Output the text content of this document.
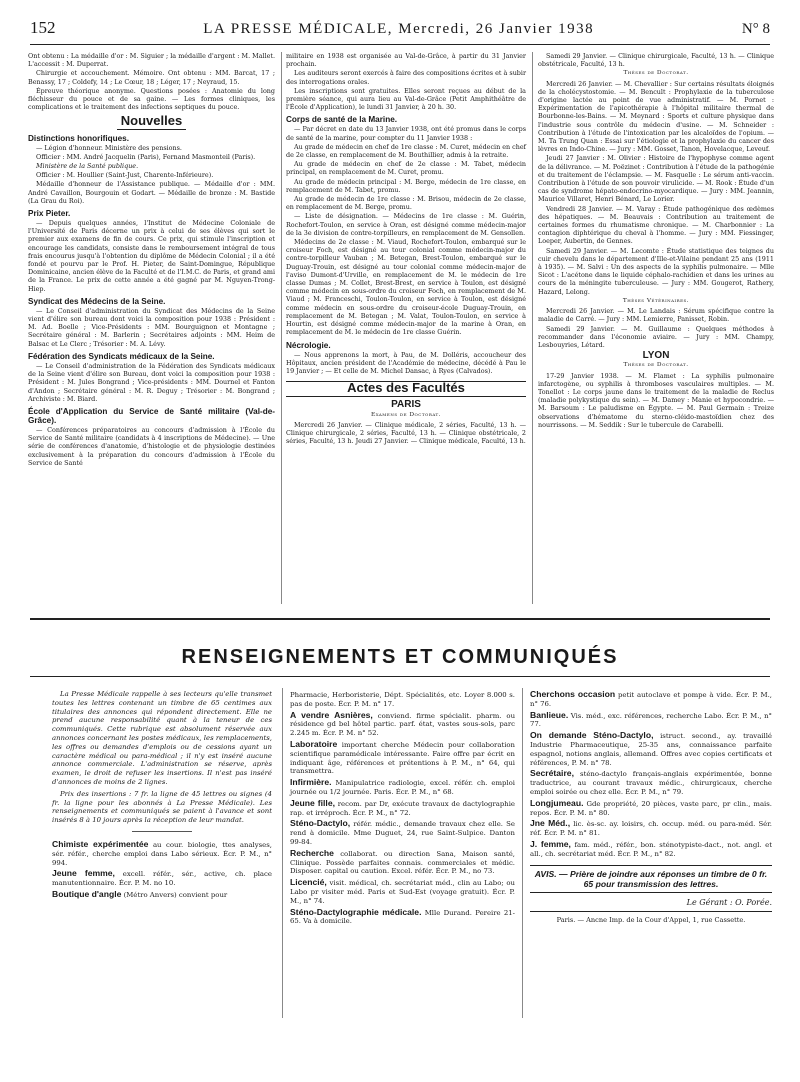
152	LA PRESSE MÉDICALE, Mercredi, 26 Janvier 1938	N° 8

Ont obtenu : La médaille d'or : M. Siguier ; la médaille d'argent : M. Mallet. L'accessit : M. Duperrat.

Chirurgie et accouchement. Mémoire. Ont obtenu : MM. Barcat, 17 ; Benassy, 17 ; Coldefy, 14 ; Le Cœur, 18 ; Léger, 17 ; Neyraud, 15.

Épreuve théorique anonyme. Questions posées : Anatomie du long fléchisseur du pouce et de sa gaine. — Les formes cliniques, les complications et le traitement des infections septiques du pouce.

Nouvelles
Distinctions honorifiques.

— Légion d'honneur. Ministère des pensions.

Officier : MM. André Jacquelin (Paris), Fernand Masmonteil (Paris).

Ministère de la Santé publique.

Officier : M. Houllier (Saint-Just, Charente-Inférieure).

Médaille d'honneur de l'Assistance publique. — Médaille d'or : MM. André Cavaillon, Bourgouin et Godart. — Médaille de bronze : M. Bastide (La Grau du Roi).

Prix Pieter.

— Depuis quelques années, l'Institut de Médecine Coloniale de l'Université de Paris décerne un prix à celui de ses élèves qui sort le premier aux examens de fin de cours. Ce prix, qui stimule l'inscription et encourage les candidats, consiste dans le remboursement intégral de tous frais encourus jusqu'à l'obtention du diplôme de Médecin Colonial ; il a été fondé et pourvu par le Prof. H. Pieter, de Saint-Domingue, République Dominicaine, ancien élève de la Faculté et de l'I.M.C. de Paris, et grand ami de la France. Le prix de cette année a été gagné par M. Nguyen-Trong-Hiep.

Syndicat des Médecins de la Seine.

— Le Conseil d'administration du Syndicat des Médecins de la Seine vient d'élire son bureau dont voici la composition pour 1938 : Président : M. Ad. Boelle ; Vice-Présidents : MM. Bourguignon et Montagne ; Secrétaire général : M. Barlerin ; Secrétaires adjoints : MM. Heim de Balsac et Le Clerc ; Trésorier : M. A. Lévy.

Fédération des Syndicats médicaux de la Seine.

— Le Conseil d'administration de la Fédération des Syndicats médicaux de la Seine vient d'élire son Bureau, dont voici la composition pour 1938 : Président : M. Jules Bongrand ; Vice-présidents : MM. Dournel et Fanton d'Andon ; Secrétaire général : M. R. Deguy ; Trésorier : M. Bongrand ; Archiviste : M. Biard.

École d'Application du Service de Santé militaire (Val-de-Grâce).

— Conférences préparatoires au concours d'admission à l'École du Service de Santé militaire (candidats à 4 inscriptions de Médecine). — Une série de conférences d'anatomie, d'histologie et de physiologie destinées exclusivement à la préparation du concours d'admission à l'École du Service de Santé

militaire en 1938 est organisée au Val-de-Grâce, à partir du 31 Janvier prochain.

Les auditeurs seront exercés à faire des compositions écrites et à subir des interrogations orales.

Les inscriptions sont gratuites. Elles seront reçues au début de la première séance, qui aura lieu au Val-de-Grâce (Petit Amphithéâtre de l'École d'Application), le lundi 31 Janvier, à 20 h. 30.

Corps de santé de la Marine.

— Par décret en date du 13 Janvier 1938, ont été promus dans le corps de santé de la marine, pour compter du 11 Janvier 1938 :

Au grade de médecin en chef de 1re classe : M. Curet, médecin en chef de 2e classe, en remplacement de M. Bouthillier, admis à la retraite.

Au grade de médecin en chef de 2e classe : M. Tabet, médecin principal, en remplacement de M. Curet, promu.

Au grade de médecin principal : M. Berge, médecin de 1re classe, en remplacement de M. Tabet, promu.

Au grade de médecin de 1re classe : M. Brisou, médecin de 2e classe, en remplacement de M. Berge, promu.

— Liste de désignation. — Médecins de 1re classe : M. Guérin, Rochefort-Toulon, en service à Oran, est désigné comme médecin-major de la 3e division de contre-torpilleurs, en remplacement de M. Gensollen.

Médecins de 2e classe : M. Viaud, Rochefort-Toulon, embarqué sur le croiseur Foch, est désigné au tour colonial comme médecin-major du contre-torpilleur Vauban ; M. Betegan, Brest-Toulon, embarqué sur le Duguay-Trouin, est désigné au tour colonial comme médecin-major de l'aviso Dumont-d'Urville, en remplacement de M. le médecin de 1re classe Dumas ; M. Collet, Brest-Brest, en service à Toulon, est désigné comme médecin en sous-ordre du croiseur Foch, en remplacement de M. Viaud ; M. Franceschi, Toulon-Toulon, en service à Toulon, est désigné comme médecin en sous-ordre du croiseur-école Duguay-Trouin, en remplacement de M. Betegan ; M. Valat, Toulon-Toulon, en service à Hourtin, est désigné comme médecin-major de la marine à Oran, en remplacement de M. le médecin de 1re classe Guérin.

Nécrologie.

— Nous apprenons la mort, à Pau, de M. Dolléris, accoucheur des Hôpitaux, ancien président de l'Académie de médecine, décédé à Pau le 19 Janvier ; — Et celle de M. Michel Dansac, à Ryes (Calvados).

Actes des Facultés
PARIS
Examens de Doctorat.

Mercredi 26 Janvier. — Clinique médicale, 2 séries, Faculté, 13 h. — Clinique chirurgicale, 2 séries, Faculté, 13 h. — Clinique obstétricale, 2 séries, Faculté, 13 h. Jeudi 27 Janvier. — Clinique médicale, Faculté, 13 h.

Samedi 29 Janvier. — Clinique chirurgicale, Faculté, 13 h. — Clinique obstétricale, Faculté, 13 h.

Thèses de Doctorat.

Mercredi 26 Janvier. — M. Chevallier : Sur certains résultats éloignés de la cholécystostomie. — M. Bencult : Prophylaxie de la tuberculose d'origine lactée au point de vue administratif. — M. Pornet : Expérimentation de l'apicothérapie à l'hôpital militaire thermal de Bourbonne-les-Bains. — M. Meynard : Sports et culture physique dans l'industrie sous contrôle du médecin d'usine. — M. Schneider : Contribution à l'étude de l'intoxication par les alcaloïdes de l'opium. — M. Ta Trung Quan : Essai sur l'étiologie et la prophylaxie du cancer des lèvres en Indo-Chine. — Jury : MM. Gosset, Tanon, Hovelacque, Leveuf.

Jeudi 27 Janvier : M. Olivier : Histoire de l'hypophyse comme agent de la délivrance. — M. Poëzinet : Contribution à l'étude de la pathogénie et du traitement de l'éclampsie. — M. Fasquelle : Le sérum anti-vaccin. Contribution à l'étude de son pouvoir virulicide. — M. Rook : Étude d'un cas de syndrome hépato-endocrino-myocardique. — Jury : MM. Jeannin, Maurice Villaret, Henri Bénard, Le Lorier.

Vendredi 28 Janvier. — M. Varay : Étude pathogénique des œdèmes des hépatiques. — M. Beauvais : Contribution au traitement de certaines formes du rhumatisme chronique. — M. Charbonnier : La contagion diphtérique du cheval à l'homme. — Jury : MM. Fiessinger, Loeper, Aubertin, de Gennes.

Samedi 29 Janvier. — M. Lecomte : Étude statistique des teignes du cuir chevelu dans le département d'Ille-et-Vilaine pendant 25 ans (1911 à 1935). — M. Salvi : Un des aspects de la syphilis pulmonaire. — Mlle Sicot : L'acétone dans le liquide céphalo-rachidien et dans les urines au cours de la méningite tuberculeuse. — Jury : MM. Gougerot, Rathery, Hazard, Lelong.

Thèses Vétérinaires.

Mercredi 26 Janvier. — M. Le Landais : Sérum spécifique contre la maladie de Carré. — Jury : MM. Lemierre, Panisset, Robin.

Samedi 29 Janvier. — M. Guillaume : Quelques méthodes à recommander dans l'économie aviaire. — Jury : MM. Champy, Lesbouyries, Létard.

LYON
Thèses de Doctorat.

17-29 Janvier 1938. — M. Flamet : La syphilis pulmonaire infarctogène, ou syphilis à thromboses vasculaires multiples. — M. Tonellot : Le corps jaune dans le traitement de la maladie de Reclus (maladie polykystique du sein). — M. Damey : Manie et hypocondrie. — M. Barsoum : Le paludisme en Égypte. — M. Paul Germain : Treize observations d'hématome du sterno-cléido-mastoïdien chez des nourrissons. — M. Seddik : Sur le tubercule de Carabelli.

RENSEIGNEMENTS ET COMMUNIQUÉS

La Presse Médicale rappelle à ses lecteurs qu'elle transmet toutes les lettres contenant un timbre de 65 centimes aux titulaires des annonces qui répondent directement. Elle ne prend aucune responsabilité quant à la teneur de ces communiqués. Cette rubrique est absolument réservée aux annonces concernant les postes médicaux, les remplacements, les offres ou demandes d'emplois ou de cessions ayant un caractère médical ou para-médical ; il n'y est inséré aucune annonce commerciale. L'administration se réserve, après examen, le droit de refuser les insertions. Il n'est pas inséré d'annonces de moins de 2 lignes.

Prix des insertions : 7 fr. la ligne de 45 lettres ou signes (4 fr. la ligne pour les abonnés à La Presse Médicale). Les renseignements et communiqués se paient à l'avance et sont insérés 8 à 10 jours après la réception de leur mandat.

Chimiste expérimentée au cour. biologie, ttes analyses, sér. référ., cherche emploi dans Labo sérieux. Écr. P. M., n° 994.

Jeune femme, excell. référ., sér., active, ch. place manutentionnaire. Écr. P. M. no 10.

Boutique d'angle (Métro Anvers) convient pour

Pharmacie, Herboristerie, Dépt. Spécialités, etc. Loyer 8.000 s. pas de poste. Écr. P. M. n° 17.

A vendre Asnières, conviend. firme spécialit. pharm. ou résidence gd bel hôtel partic. parf. état, vastes sous-sols, parc 2.245 m. Écr. P. M. n° 52.

Laboratoire important cherche Médecin pour collaboration scientifique paramédicale intéressante. Faire offre par écrit en indiquant âge, références et prétentions à P. M., n° 64, qui transmettra.

Infirmière. Manipulatrice radiologie, excel. référ. ch. emploi journée ou 1/2 journée. Paris. Écr. P. M., n° 68.

Jeune fille, recom. par Dr, exécute travaux de dactylographie rap. et irréproch. Écr. P. M., n° 72.

Sténo-Dactylo, référ. médic., demande travaux chez elle. Se rend à domicile. Mme Duguet, 24, rue Saint-Sulpice. Danton 99-84.

Recherche collaborat. ou direction Sana, Maison santé, Clinique. Possède parfaites connais. commerciales et médic. Disposer. capital ou caution. Excel. référ. Écr. P. M., no 73.

Licencié, visit. médical, ch. secrétariat méd., clin au Labo; ou Labo pr visiter méd. Paris et Sud-Est (voyage gratuit). Écr. P. M., n° 74.

Sténo-Dactylographie médicale. Mlle Durand. Pereire 21-65. Va à domicile.

Cherchons occasion petit autoclave et pompe à vide. Écr. P. M., n° 76.

Banlieue. Vis. méd., exc. références, recherche Labo. Écr. P. M., n° 77.

On demande Sténo-Dactylo, istruct. second., ay. travaillé Industrie Pharmaceutique, 25-35 ans, connaissance parfaite espagnol, notions anglais, allemand. Offres avec copies certificats et références, P. M. n° 78.

Secrétaire, sténo-dactylo français-anglais expérimentée, bonne traductrice, au courant travaux médic., chirurgicaux, cherche emploi soirée ou chez elle. Écr. P. M., n° 79.

Longjumeau. Gde propriété, 20 pièces, vaste parc, pr clin., mais. repos. Écr. P. M. n° 80.

Jne Méd., lic. ès-sc. ay. loisirs, ch. occup. méd. ou para-méd. Sér. réf. Écr. P. M. n° 81.

J. femme, fam. méd., référ., bon. sténotypiste-dact., not. angl. et all., ch. secrétariat méd. Écr. P. M., n° 82.

AVIS. — Prière de joindre aux réponses un timbre de 0 fr. 65 pour transmission des lettres.
Le Gérant : O. Porée.
Paris. — Ancne Imp. de la Cour d'Appel, 1, rue Cassette.
